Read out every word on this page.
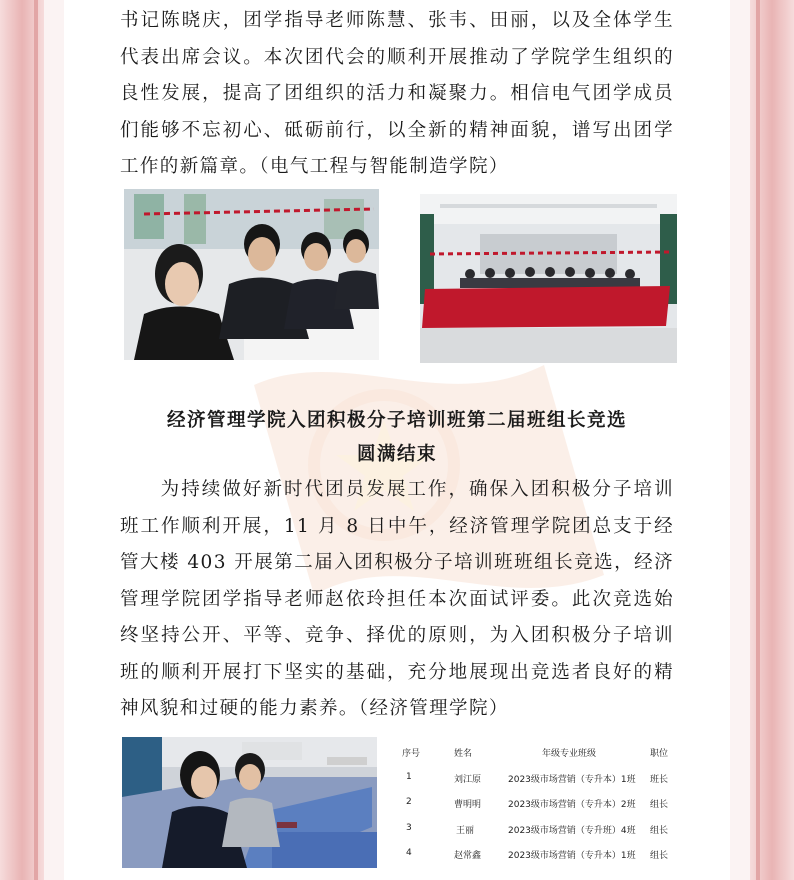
书记陈晓庆，团学指导老师陈慧、张韦、田丽，以及全体学生代表出席会议。本次团代会的顺利开展推动了学院学生组织的良性发展，提高了团组织的活力和凝聚力。相信电气团学成员们能够不忘初心、砥砺前行，以全新的精神面貌，谱写出团学工作的新篇章。（电气工程与智能制造学院）

经济管理学院入团积极分子培训班第二届班组长竞选
圆满结束

为持续做好新时代团员发展工作，确保入团积极分子培训班工作顺利开展，11 月 8 日中午，经济管理学院团总支于经管大楼 403 开展第二届入团积极分子培训班班组长竞选，经济管理学院团学指导老师赵依玲担任本次面试评委。此次竞选始终坚持公开、平等、竞争、择优的原则，为入团积极分子培训班的顺利开展打下坚实的基础，充分地展现出竞选者良好的精神风貌和过硬的能力素养。（经济管理学院）

序号	姓名	年级专业班级	职位
1	刘江原	2023级市场营销（专升本）1班 班长
2	曹明明	2023级市场营销（专升本）2班 组长
3	王丽	2023级市场营销（专升班）4班 组长
4	赵常鑫	2023级市场营销（专升本）1班 组长
